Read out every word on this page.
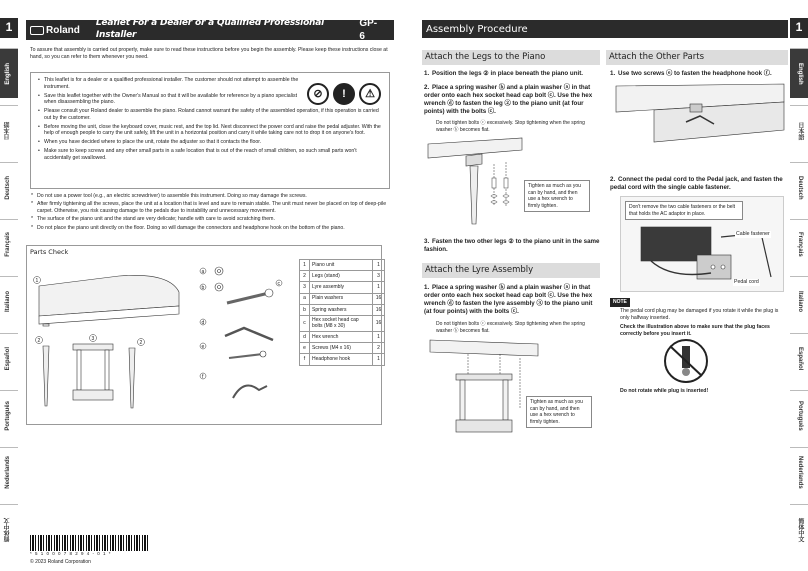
1
English
日本語
Deutsch
Français
Italiano
Español
Português
Nederlands
简体中文
Roland
Leaflet For a Dealer or a Qualified Professional Installer
GP-6
To assure that assembly is carried out properly, make sure to read these instructions before you begin the assembly. Please keep these instructions close at hand, so you can refer to them whenever you need.
• This leaflet is for a dealer or a qualified professional installer. The customer should not attempt to assemble the instrument.
• Save this leaflet together with the Owner's Manual so that it will be available for reference by a piano specialist when disassembling the piano.
• Please consult your Roland dealer to assemble the piano. Roland cannot warrant the safety of the assembled operation, if this operation is carried out by the customer.
• Before moving the unit, close the keyboard cover, music rest, and the top lid. Next disconnect the power cord and raise the pedal adjuster. With the help of enough people to carry the unit safely, lift the unit in a horizontal position and carry it while taking care not to drop it on anyone's foot.
• When you have decided where to place the unit, rotate the adjuster so that it contacts the floor.
• Make sure to keep screws and any other small parts in a safe location that is out of the reach of small children, so such small parts won't accidentally get swallowed.
⊘	!	⚠

* Do not use a power tool (e.g., an electric screwdriver) to assemble this instrument. Doing so may damage the screws.

* After firmly tightening all the screws, place the unit at a location that is level and sure to remain stable. The unit must never be placed on top of deep-pile carpet. Otherwise, you risk causing damage to the pedals due to instability and unnecessary movement.

* The surface of the piano unit and the stand are very delicate; handle with care to avoid scratching them.

* Do not place the piano unit directly on the floor. Doing so will damage the connectors and headphone hook on the bottom of the piano.

Parts Check
a
b
c
d
e
f
1
2	2
3
1	Piano unit	1
2	Legs (stand)	3
3	Lyre assembly	1
a	Plain washers	16
b	Spring washers	16
c	Hex socket head cap bolts (M8 x 30)	16
d	Hex wrench	1
e	Screws (M4 x 16)	2
f	Headphone hook	1
* 5 1 0 0 0 7 8 2 9 4 - 0 1 *
© 2023 Roland Corporation
1
English
日本語
Deutsch
Français
Italiano
Español
Português
Nederlands
简体中文
Assembly Procedure
Attach the Legs to the Piano
1. Position the legs ② in place beneath the piano unit.
2. Place a spring washer ⓑ and a plain washer ⓐ in that order onto each hex socket head cap bolt ⓒ. Use the hex wrench ⓓ to fasten the leg ② to the piano unit (at four points) with the bolts ⓒ.
Do not tighten bolts ⓒ excessively. Stop tightening when the spring washer ⓑ becomes flat.
Tighten as much as you can by hand, and then use a hex wrench to firmly tighten.
3. Fasten the two other legs ② to the piano unit in the same fashion.
Attach the Lyre Assembly
1. Place a spring washer ⓑ and a plain washer ⓐ in that order onto each hex socket head cap bolt ⓒ. Use the hex wrench ⓓ to fasten the lyre assembly ③ to the piano unit (at four points) with the bolts ⓒ.
Do not tighten bolts ⓒ excessively. Stop tightening when the spring washer ⓑ becomes flat.
Tighten as much as you can by hand, and then use a hex wrench to firmly tighten.
Attach the Other Parts
1. Use two screws ⓔ to fasten the headphone hook ⓕ.
2. Connect the pedal cord to the Pedal jack, and fasten the pedal cord with the single cable fastener.
Don't remove the two cable fasteners or the belt that holds the AC adaptor in place.
Cable fastener
Pedal cord
NOTE
The pedal cord plug may be damaged if you rotate it while the plug is only halfway inserted.
Check the illustration above to make sure that the plug faces correctly before you insert it.
Do not rotate while plug is inserted!
